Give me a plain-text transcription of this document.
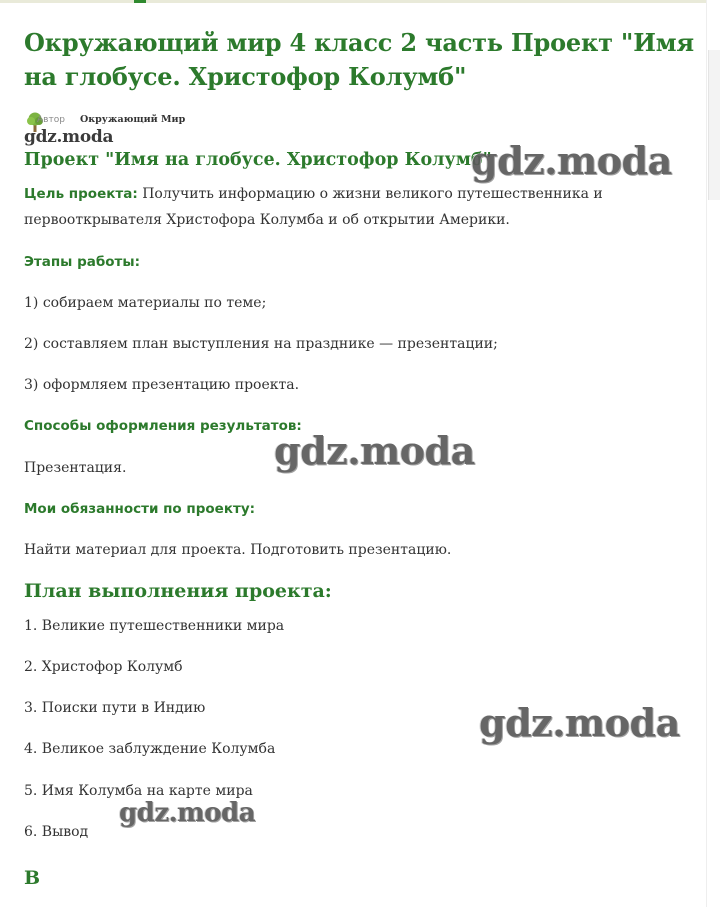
Окружающий мир 4 класс 2 часть Проект "Имя на глобусе. Христофор Колумб"
Автор Окружающий Мир
gdz.moda
Проект "Имя на глобусе. Христофор Колумб"

Цель проекта: Получить информацию о жизни великого путешественника и первооткрывателя Христофора Колумба и об открытии Америки.

Этапы работы:

1) собираем материалы по теме;

2) составляем план выступления на празднике — презентации;

3) оформляем презентацию проекта.

Способы оформления результатов:

Презентация.

Мои обязанности по проекту:

Найти материал для проекта. Подготовить презентацию.

План выполнения проекта:

1. Великие путешественники мира

2. Христофор Колумб

3. Поиски пути в Индию

4. Великое заблуждение Колумба

5. Имя Колумба на карте мира

6. Вывод

В
gdz.moda
gdz.moda
gdz.moda
gdz.moda
